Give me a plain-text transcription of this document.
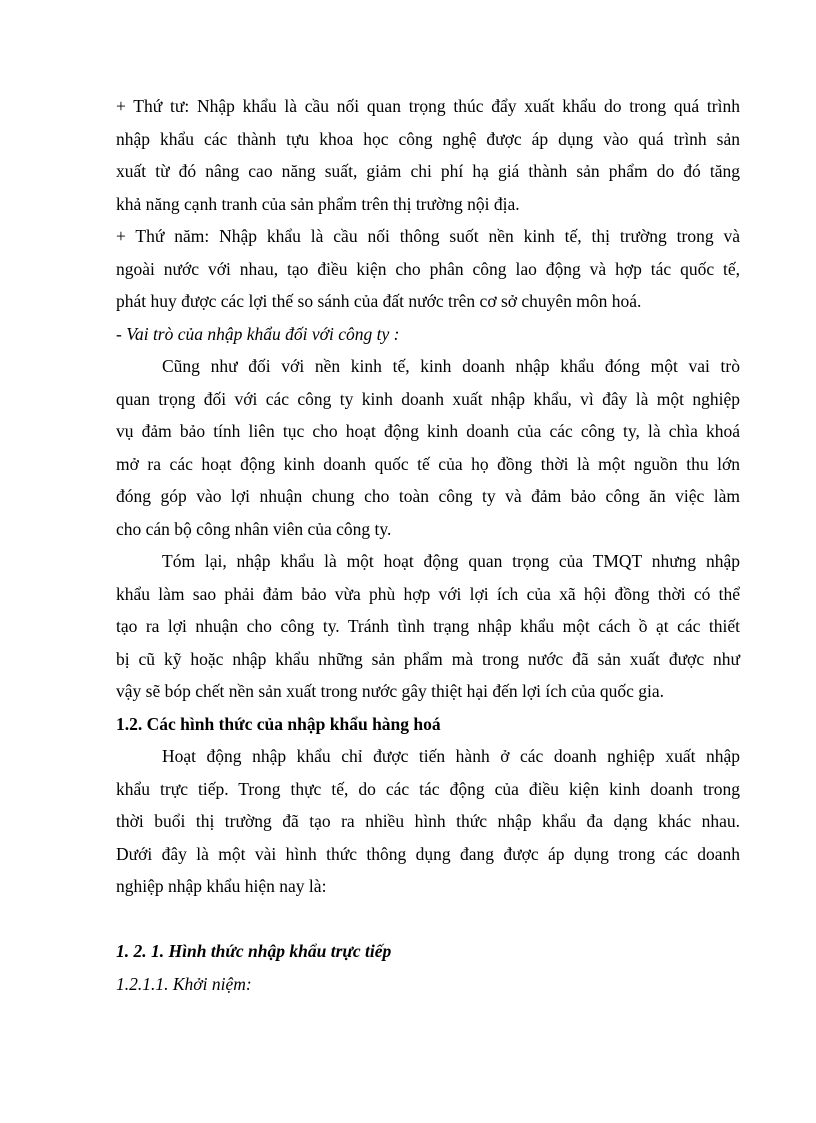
+ Thứ tư: Nhập khẩu là cầu nối quan trọng thúc đẩy xuất khẩu do trong quá trình
nhập khẩu các thành tựu khoa học công nghệ được áp dụng vào quá trình sản
xuất từ đó nâng cao năng suất, giảm chi phí hạ giá thành sản phẩm do đó tăng
khả năng cạnh tranh của sản phẩm trên thị trường nội địa.
+ Thứ năm: Nhập khẩu là cầu nối thông suốt nền kinh tế, thị trường trong và
ngoài nước với nhau, tạo điều kiện cho phân công lao động và hợp tác quốc tế,
phát huy được các lợi thế so sánh của đất nước trên cơ sở chuyên môn hoá.
- Vai trò của nhập khẩu đối với công ty :
Cũng như đối với nền kinh tế, kinh doanh nhập khẩu đóng một vai trò
quan trọng đối với các công ty kinh doanh xuất nhập khẩu, vì đây là một nghiệp
vụ đảm bảo tính liên tục cho hoạt động kinh doanh của các công ty, là chìa khoá
mở ra các hoạt động kinh doanh quốc tế của họ đồng thời là một nguồn thu lớn
đóng góp vào lợi nhuận chung cho toàn công ty và đảm bảo công ăn việc làm
cho cán bộ công nhân viên của công ty.
Tóm lại, nhập khẩu là một hoạt động quan trọng của TMQT nhưng nhập
khẩu làm sao phải đảm bảo vừa phù hợp với lợi ích của xã hội đồng thời có thể
tạo ra lợi nhuận cho công ty. Tránh tình trạng nhập khẩu một cách ồ ạt các thiết
bị cũ kỹ hoặc nhập khẩu những sản phẩm mà trong nước đã sản xuất được như
vậy sẽ bóp chết nền sản xuất trong nước gây thiệt hại đến lợi ích của quốc gia.
1.2. Các hình thức của nhập khẩu hàng hoá
Hoạt động nhập khẩu chỉ được tiến hành ở các doanh nghiệp xuất nhập
khẩu trực tiếp. Trong thực tế, do các tác động của điều kiện kinh doanh trong
thời buổi thị trường đã tạo ra nhiều hình thức nhập khẩu đa dạng khác nhau.
Dưới đây là một vài hình thức thông dụng đang được áp dụng trong các doanh
nghiệp nhập khẩu hiện nay là:
1. 2. 1. Hình thức nhập khẩu trực tiếp
1.2.1.1. Khởi niệm:
